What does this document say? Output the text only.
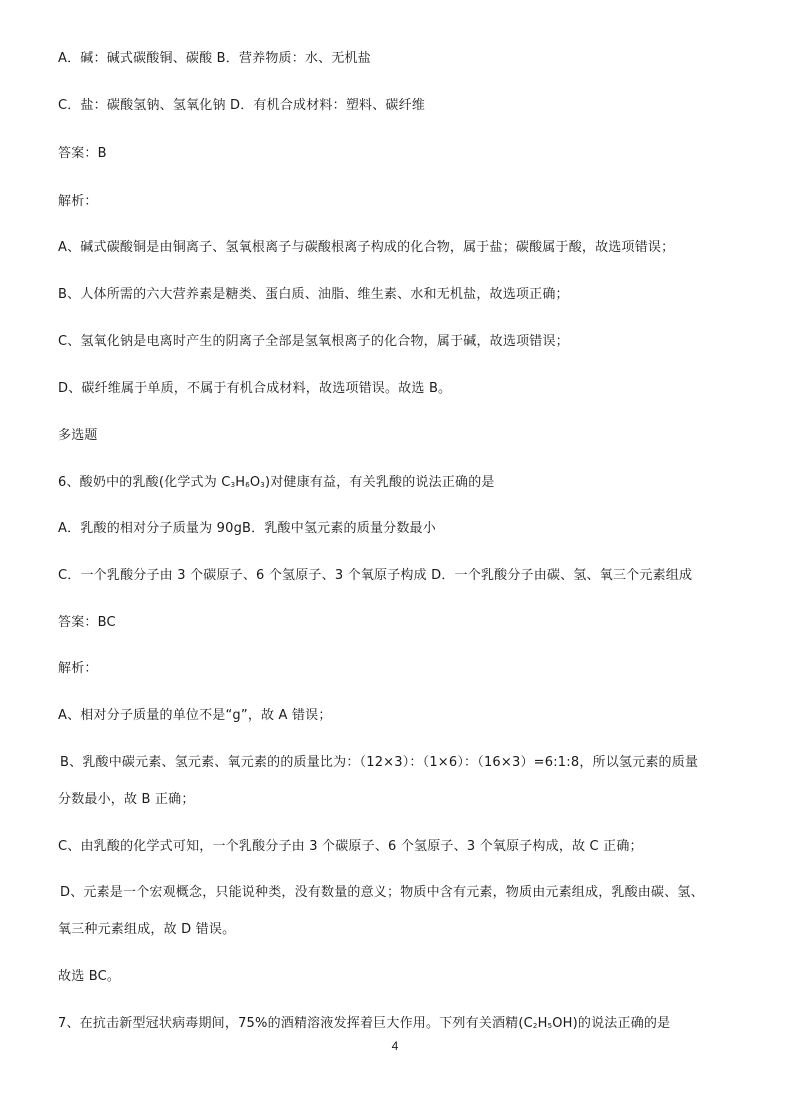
A．碱：碱式碳酸铜、碳酸 B．营养物质：水、无机盐
C．盐：碳酸氢钠、氢氧化钠 D．有机合成材料：塑料、碳纤维
答案：B
解析：
A、碱式碳酸铜是由铜离子、氢氧根离子与碳酸根离子构成的化合物，属于盐；碳酸属于酸，故选项错误；
B、人体所需的六大营养素是糖类、蛋白质、油脂、维生素、水和无机盐，故选项正确；
C、氢氧化钠是电离时产生的阴离子全部是氢氧根离子的化合物，属于碱，故选项错误；
D、碳纤维属于单质，不属于有机合成材料，故选项错误。故选 B。
多选题
6、酸奶中的乳酸(化学式为 $C_3H_6O_3$)对健康有益，有关乳酸的说法正确的是
A．乳酸的相对分子质量为 90gB．乳酸中氢元素的质量分数最小
C．一个乳酸分子由 3 个碳原子、6 个氢原子、3 个氧原子构成 D．一个乳酸分子由碳、氢、氧三个元素组成
答案：BC
解析：
A、相对分子质量的单位不是“g”，故 A 错误；
B、乳酸中碳元素、氢元素、氧元素的的质量比为：（12×3）：（1×6）：（16×3）=6:1:8，所以氢元素的质量
分数最小，故 B 正确；
C、由乳酸的化学式可知，一个乳酸分子由 3 个碳原子、6 个氢原子、3 个氧原子构成，故 C 正确；
D、元素是一个宏观概念，只能说种类，没有数量的意义；物质中含有元素，物质由元素组成，乳酸由碳、氢、
氧三种元素组成，故 D 错误。
故选 BC。
7、在抗击新型冠状病毒期间，75%的酒精溶液发挥着巨大作用。下列有关酒精$(C_2H_5OH)$的说法正确的是
4
